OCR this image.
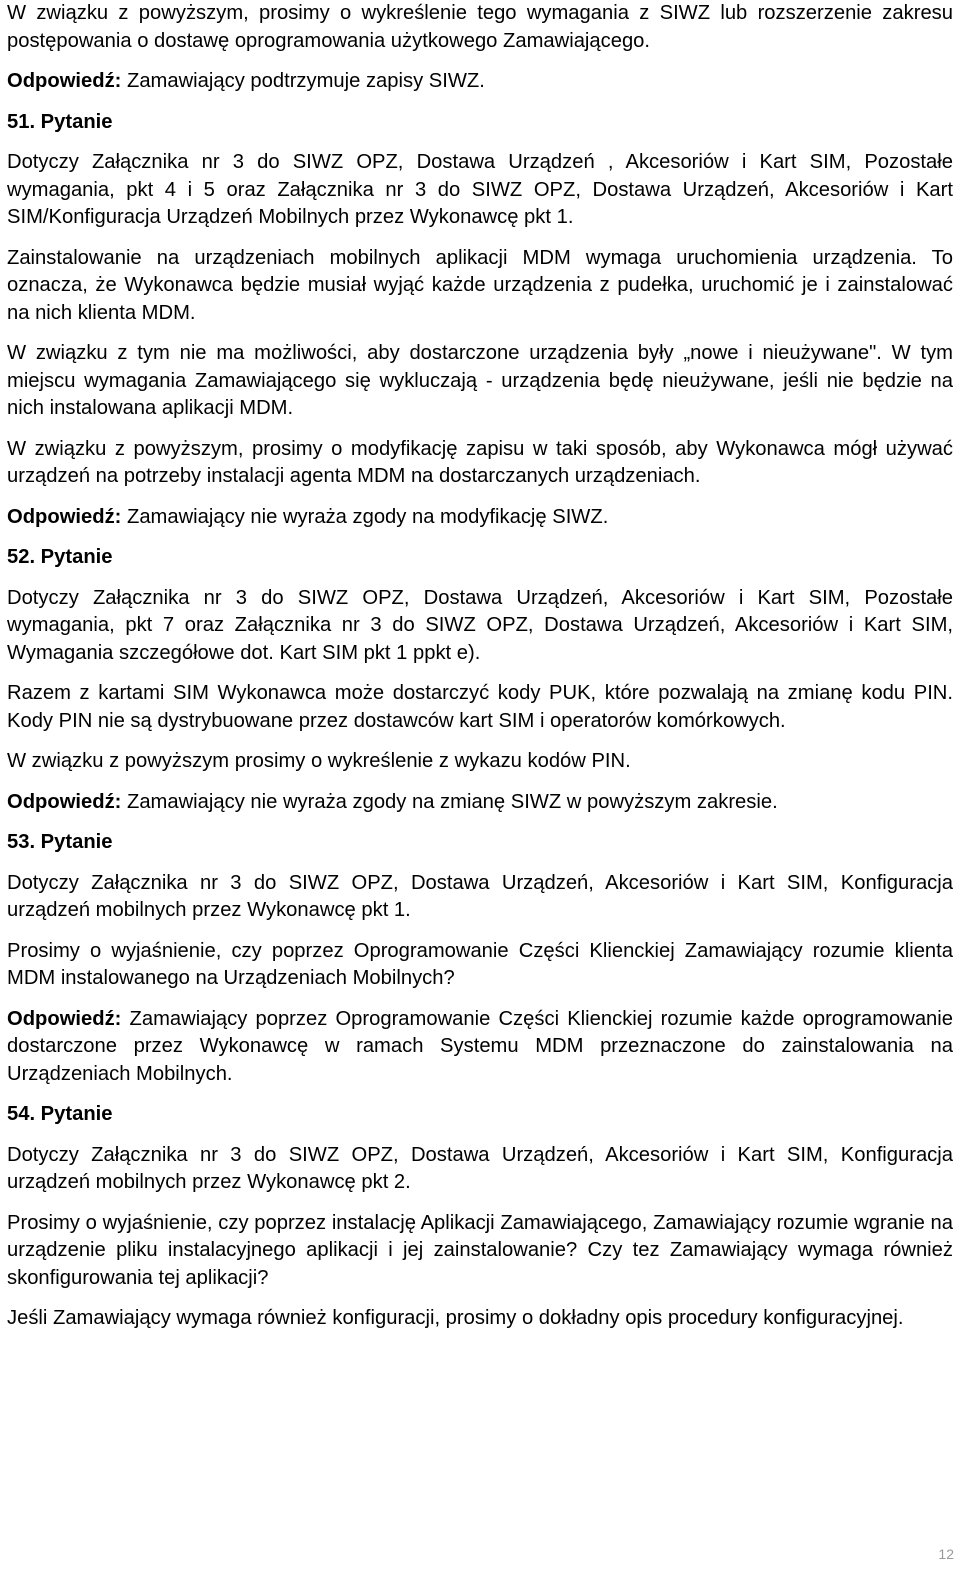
W związku z powyższym, prosimy o wykreślenie tego wymagania z SIWZ lub rozszerzenie zakresu postępowania o dostawę oprogramowania użytkowego Zamawiającego.

Odpowiedź: Zamawiający podtrzymuje zapisy SIWZ.

51. Pytanie

Dotyczy Załącznika nr 3 do SIWZ OPZ, Dostawa Urządzeń , Akcesoriów i Kart SIM, Pozostałe wymagania, pkt 4 i 5 oraz Załącznika nr 3 do SIWZ OPZ, Dostawa Urządzeń, Akcesoriów i Kart SIM/Konfiguracja Urządzeń Mobilnych przez Wykonawcę pkt 1.

Zainstalowanie na urządzeniach mobilnych aplikacji MDM wymaga uruchomienia urządzenia. To oznacza, że Wykonawca będzie musiał wyjąć każde urządzenia z pudełka, uruchomić je i zainstalować na nich klienta MDM.

W związku z tym nie ma możliwości, aby dostarczone urządzenia były „nowe i nieużywane". W tym miejscu wymagania Zamawiającego się wykluczają - urządzenia będę nieużywane, jeśli nie będzie na nich instalowana aplikacji MDM.

W związku z powyższym, prosimy o modyfikację zapisu w taki sposób, aby Wykonawca mógł używać urządzeń na potrzeby instalacji agenta MDM na dostarczanych urządzeniach.

Odpowiedź: Zamawiający nie wyraża zgody na modyfikację SIWZ.

52. Pytanie

Dotyczy Załącznika nr 3 do SIWZ OPZ, Dostawa Urządzeń, Akcesoriów i Kart SIM, Pozostałe wymagania, pkt 7 oraz Załącznika nr 3 do SIWZ OPZ, Dostawa Urządzeń, Akcesoriów i Kart SIM, Wymagania szczegółowe dot. Kart SIM pkt 1 ppkt e).

Razem z kartami SIM Wykonawca może dostarczyć kody PUK, które pozwalają na zmianę kodu PIN. Kody PIN nie są dystrybuowane przez dostawców kart SIM i operatorów komórkowych.

W związku z powyższym prosimy o wykreślenie z wykazu kodów PIN.

Odpowiedź: Zamawiający nie wyraża zgody na zmianę SIWZ w powyższym zakresie.

53. Pytanie

Dotyczy Załącznika nr 3 do SIWZ OPZ, Dostawa Urządzeń, Akcesoriów i Kart SIM, Konfiguracja urządzeń mobilnych przez Wykonawcę pkt 1.

Prosimy o wyjaśnienie, czy poprzez Oprogramowanie Części Klienckiej Zamawiający rozumie klienta MDM instalowanego na Urządzeniach Mobilnych?

Odpowiedź: Zamawiający poprzez Oprogramowanie Części Klienckiej rozumie każde oprogramowanie dostarczone przez Wykonawcę w ramach Systemu MDM przeznaczone do zainstalowania na Urządzeniach Mobilnych.

54. Pytanie

Dotyczy Załącznika nr 3 do SIWZ OPZ, Dostawa Urządzeń, Akcesoriów i Kart SIM, Konfiguracja urządzeń mobilnych przez Wykonawcę pkt 2.

Prosimy o wyjaśnienie, czy poprzez instalację Aplikacji Zamawiającego, Zamawiający rozumie wgranie na urządzenie pliku instalacyjnego aplikacji i jej zainstalowanie? Czy tez Zamawiający wymaga również skonfigurowania tej aplikacji?

Jeśli Zamawiający wymaga również konfiguracji, prosimy o dokładny opis procedury konfiguracyjnej.

12
